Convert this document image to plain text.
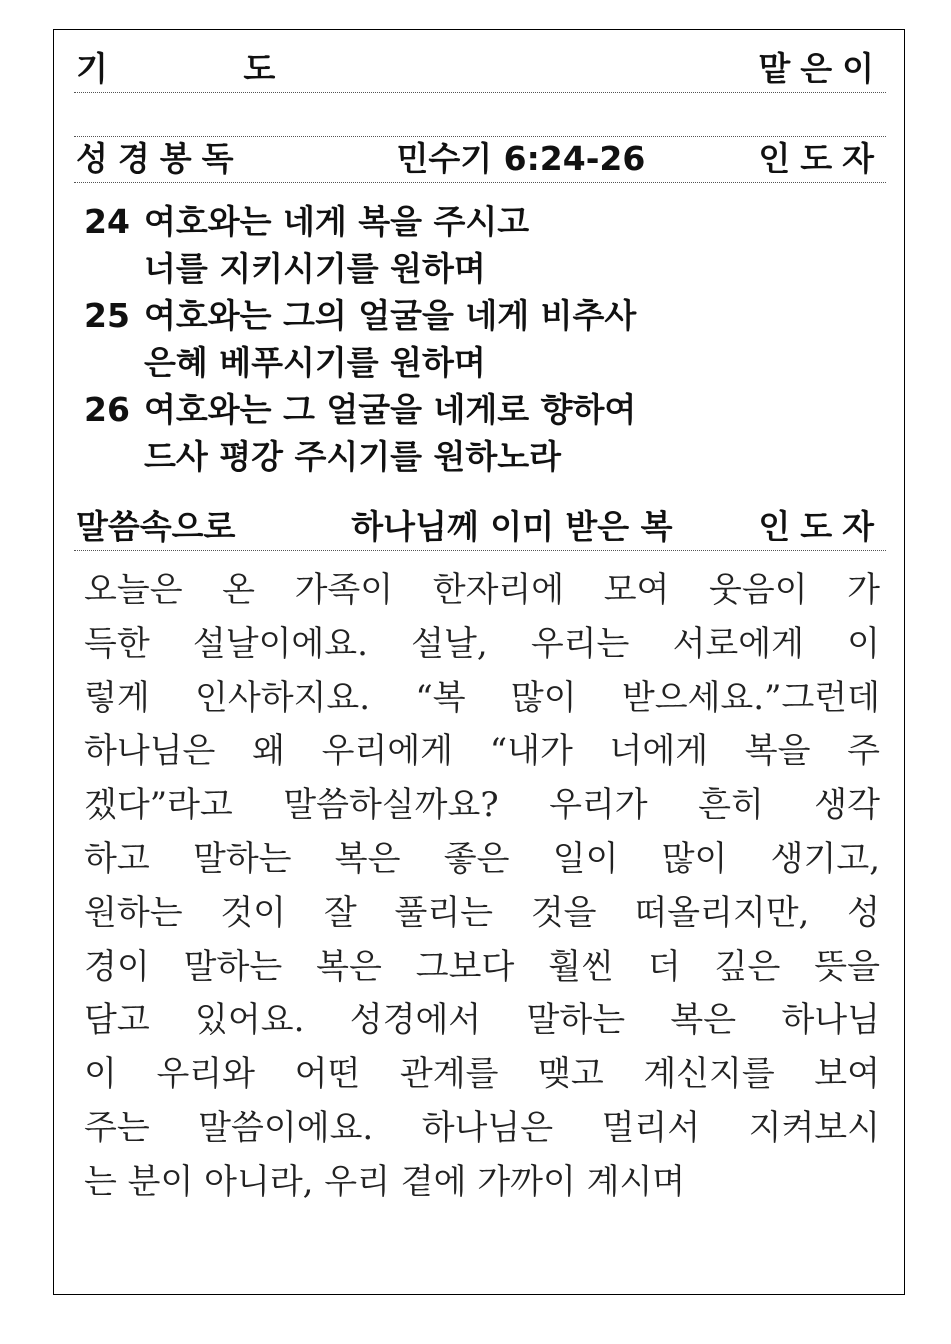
기 도	맡은이
성경봉독	민수기 6:24-26	인도자
24 여호와는 네게 복을 주시고
너를 지키시기를 원하며
25 여호와는 그의 얼굴을 네게 비추사
은혜 베푸시기를 원하며
26 여호와는 그 얼굴을 네게로 향하여
드사 평강 주시기를 원하노라
말씀속으로	하나님께 이미 받은 복	인도자
오늘은 온 가족이 한자리에 모여 웃음이 가
득한 설날이에요. 설날, 우리는 서로에게 이
렇게 인사하지요. “복 많이 받으세요.”그런데
하나님은 왜 우리에게 “내가 너에게 복을 주
겠다”라고 말씀하실까요? 우리가 흔히 생각
하고 말하는 복은 좋은 일이 많이 생기고,
원하는 것이 잘 풀리는 것을 떠올리지만, 성
경이 말하는 복은 그보다 훨씬 더 깊은 뜻을
담고 있어요. 성경에서 말하는 복은 하나님
이 우리와 어떤 관계를 맺고 계신지를 보여
주는 말씀이에요. 하나님은 멀리서 지켜보시
는 분이 아니라, 우리 곁에 가까이 계시며
